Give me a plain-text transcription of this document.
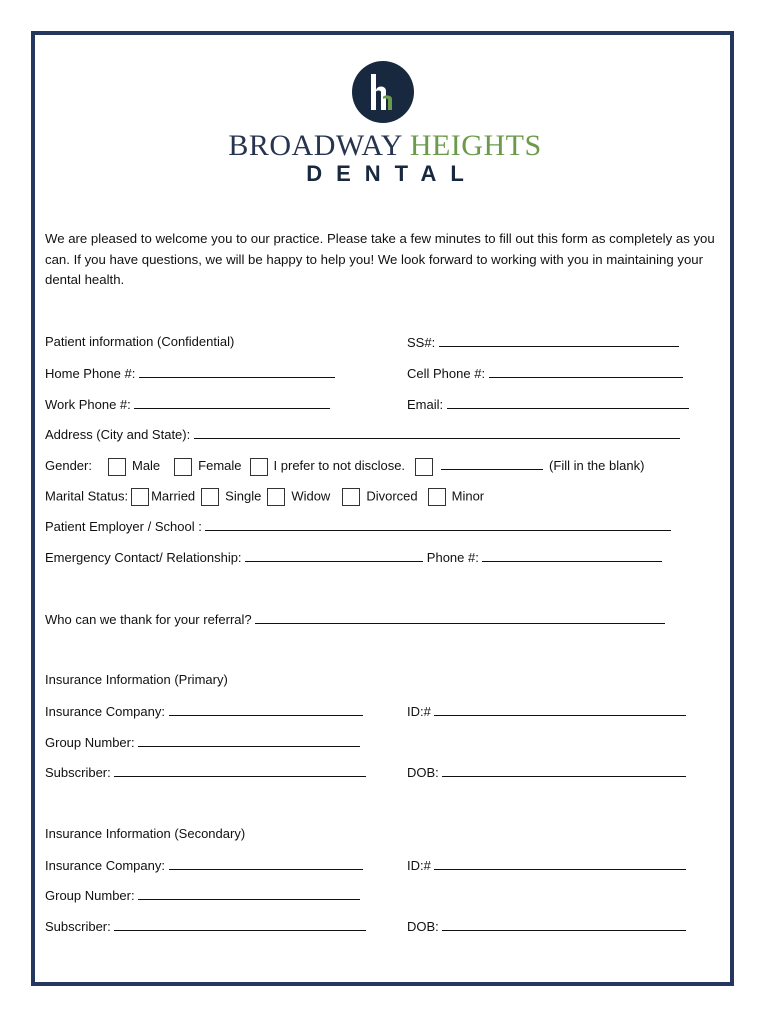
BROADWAY HEIGHTS
DENTAL
We are pleased to welcome you to our practice. Please take a few minutes to fill out this form as completely as you can. If you have questions, we will be happy to help you! We look forward to working with you in maintaining your dental health.
Patient information (Confidential)	SS#:
Home Phone #:	Cell Phone #:
Work Phone #:	Email:
Address (City and State):
Gender:	Male	Female I prefer to not disclose.	(Fill in the blank)
Marital Status: Married Single Widow	Divorced	Minor
Patient Employer / School :
Emergency Contact/ Relationship:	Phone #:
Who can we thank for your referral?
Insurance Information (Primary)
Insurance Company:	ID:#
Group Number:
Subscriber:	DOB:
Insurance Information (Secondary)
Insurance Company:	ID:#
Group Number:
Subscriber:	DOB:
